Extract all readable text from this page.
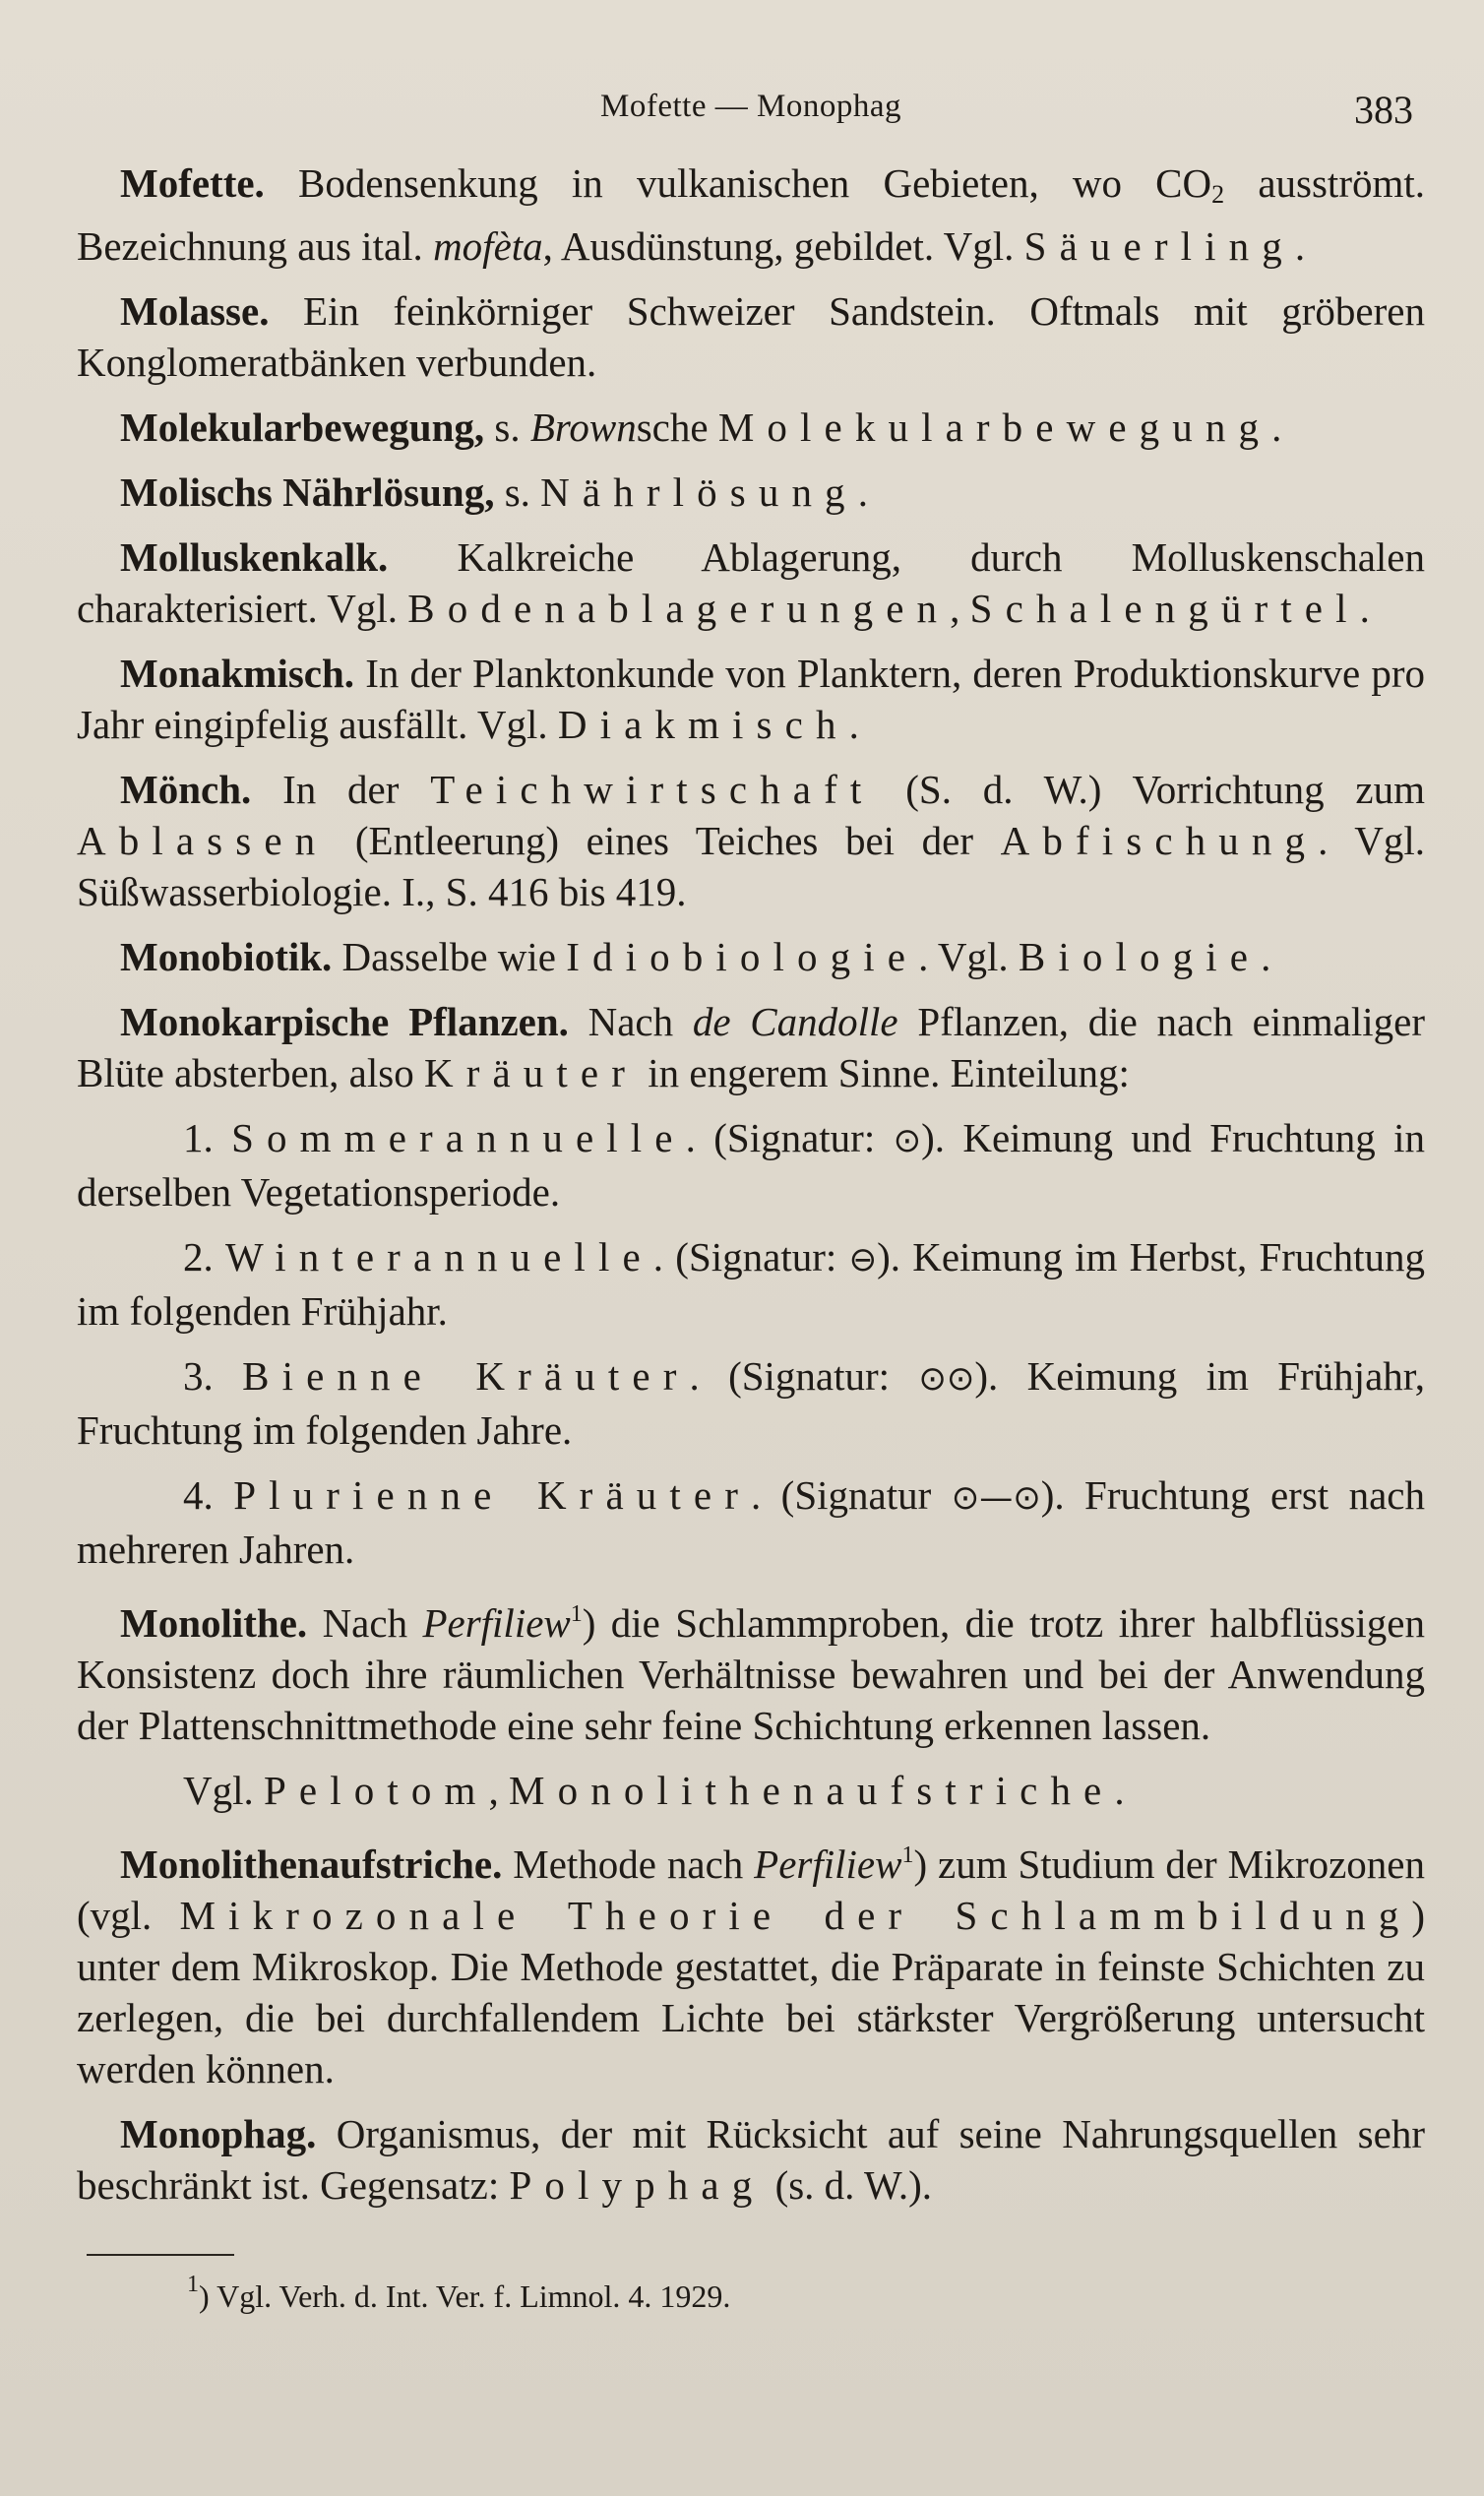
Mofette — Monophag	383

Mofette. Bodensenkung in vulkanischen Gebieten, wo $CO_2$ ausströmt. Bezeichnung aus ital. mofèta, Ausdünstung, gebildet. Vgl. Säuerling.

Molasse. Ein feinkörniger Schweizer Sandstein. Oftmals mit gröberen Konglomeratbänken verbunden.

Molekularbewegung, s. Brownsche Molekularbewegung.

Molischs Nährlösung, s. Nährlösung.

Molluskenkalk. Kalkreiche Ablagerung, durch Molluskenschalen charakterisiert. Vgl. Bodenablagerungen, Schalengürtel.

Monakmisch. In der Planktonkunde von Planktern, deren Produktionskurve pro Jahr eingipfelig ausfällt. Vgl. Diakmisch.

Mönch. In der Teichwirtschaft (S. d. W.) Vorrichtung zum Ablassen (Entleerung) eines Teiches bei der Abfischung. Vgl. Süßwasserbiologie. I., S. 416 bis 419.

Monobiotik. Dasselbe wie Idiobiologie. Vgl. Biologie.

Monokarpische Pflanzen. Nach de Candolle Pflanzen, die nach einmaliger Blüte absterben, also Kräuter in engerem Sinne. Einteilung:

1. Sommerannuelle. (Signatur: ⊙). Keimung und Fruchtung in derselben Vegetationsperiode.

2. Winterannuelle. (Signatur: ⊖). Keimung im Herbst, Fruchtung im folgenden Frühjahr.

3. Bienne Kräuter. (Signatur: ⊙⊙). Keimung im Frühjahr, Fruchtung im folgenden Jahre.

4. Plurienne Kräuter. (Signatur ⊙—⊙). Fruchtung erst nach mehreren Jahren.

Monolithe. Nach Perfiliew$^1$) die Schlammproben, die trotz ihrer halbflüssigen Konsistenz doch ihre räumlichen Verhältnisse bewahren und bei der Anwendung der Plattenschnittmethode eine sehr feine Schichtung erkennen lassen.

Vgl. Pelotom, Monolithenaufstriche.

Monolithenaufstriche. Methode nach Perfiliew$^1$) zum Studium der Mikrozonen (vgl. Mikrozonale Theorie der Schlammbildung) unter dem Mikroskop. Die Methode gestattet, die Präparate in feinste Schichten zu zerlegen, die bei durchfallendem Lichte bei stärkster Vergrößerung untersucht werden können.

Monophag. Organismus, der mit Rücksicht auf seine Nahrungsquellen sehr beschränkt ist. Gegensatz: Polyphag (s. d. W.).

$^1$) Vgl. Verh. d. Int. Ver. f. Limnol. 4. 1929.
